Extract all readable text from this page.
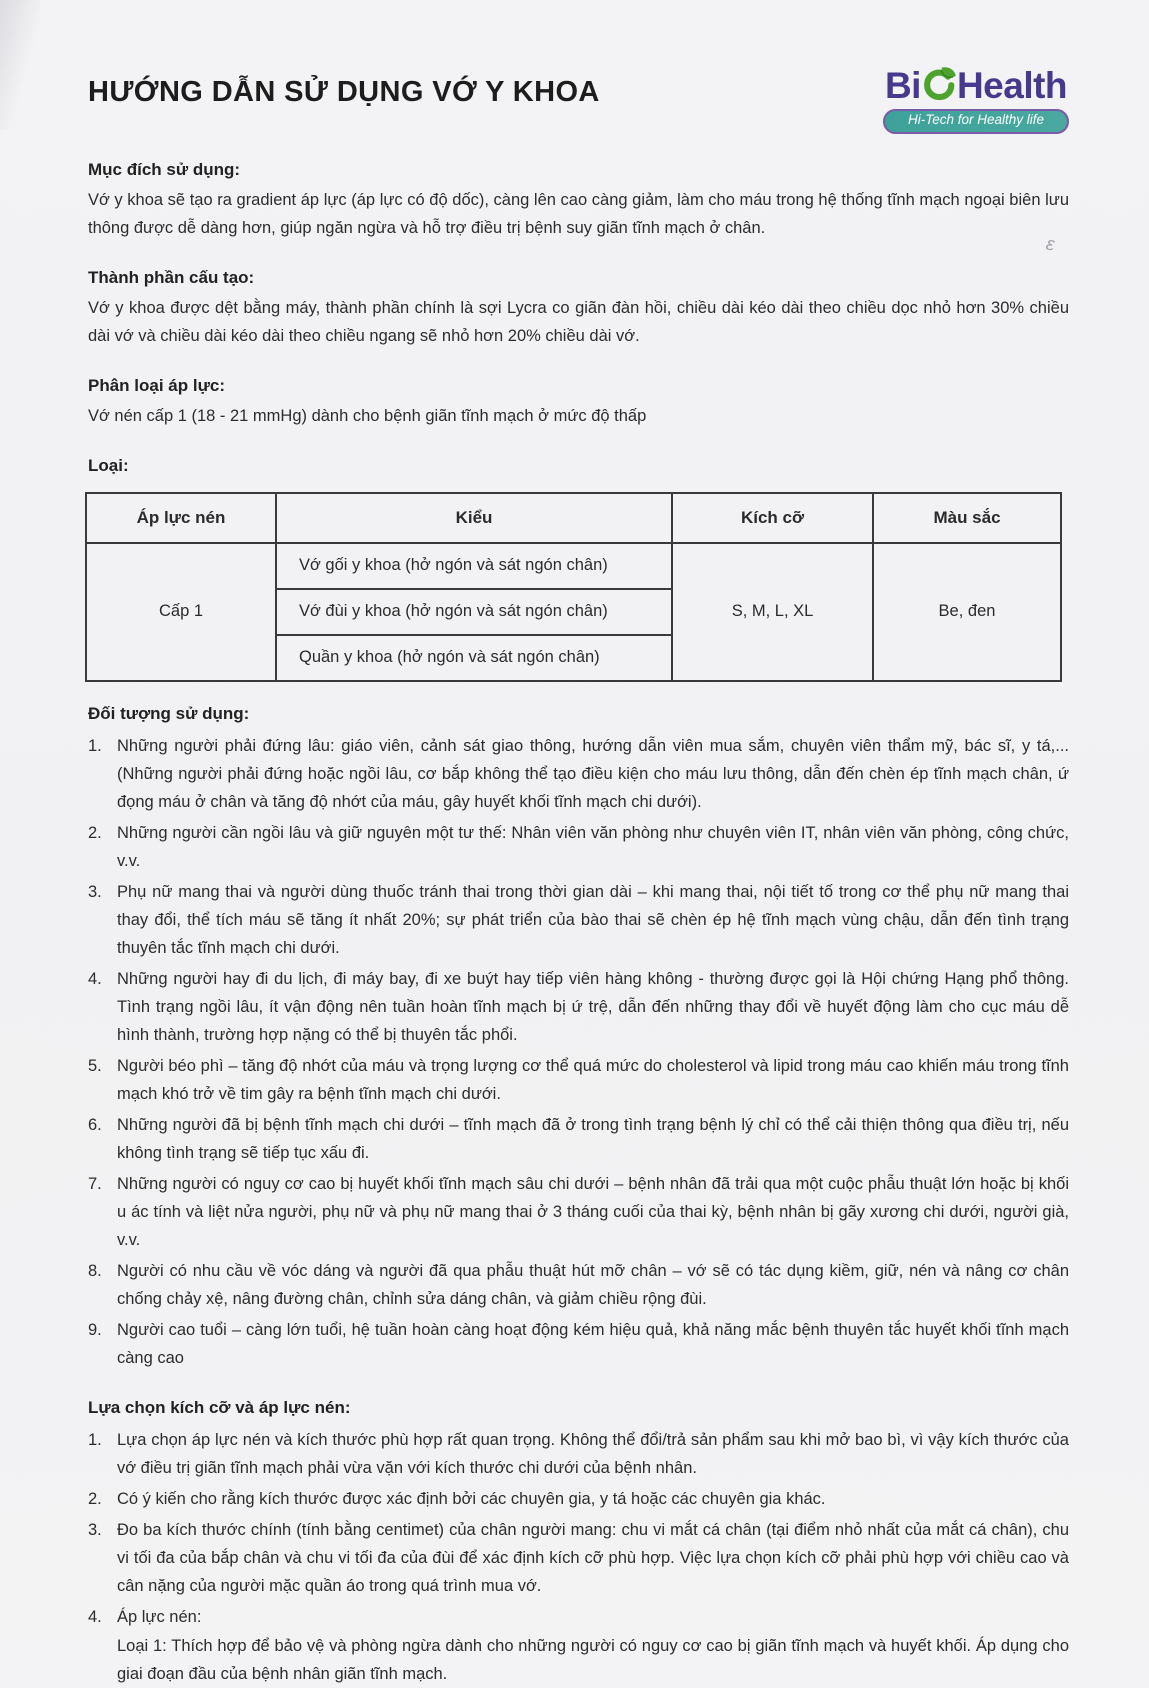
ε
HƯỚNG DẪN SỬ DỤNG VỚ Y KHOA	Bi Health
Hi-Tech for Healthy life
Mục đích sử dụng:

Vớ y khoa sẽ tạo ra gradient áp lực (áp lực có độ dốc), càng lên cao càng giảm, làm cho máu trong hệ thống tĩnh mạch ngoại biên lưu thông được dễ dàng hơn, giúp ngăn ngừa và hỗ trợ điều trị bệnh suy giãn tĩnh mạch ở chân.

Thành phần cấu tạo:

Vớ y khoa được dệt bằng máy, thành phần chính là sợi Lycra co giãn đàn hồi, chiều dài kéo dài theo chiều dọc nhỏ hơn 30% chiều dài vớ và chiều dài kéo dài theo chiều ngang sẽ nhỏ hơn 20% chiều dài vớ.

Phân loại áp lực:

Vớ nén cấp 1 (18 - 21 mmHg) dành cho bệnh giãn tĩnh mạch ở mức độ thấp

Loại:
Áp lực nén	Kiểu	Kích cỡ	Màu sắc
Cấp 1	Vớ gối y khoa (hở ngón và sát ngón chân)	S, M, L, XL	Be, đen
	Vớ đùi y khoa (hở ngón và sát ngón chân)		
	Quần y khoa (hở ngón và sát ngón chân)		
Đối tượng sử dụng:
1. Những người phải đứng lâu: giáo viên, cảnh sát giao thông, hướng dẫn viên mua sắm, chuyên viên thẩm mỹ, bác sĩ, y tá,... (Những người phải đứng hoặc ngồi lâu, cơ bắp không thể tạo điều kiện cho máu lưu thông, dẫn đến chèn ép tĩnh mạch chân, ứ đọng máu ở chân và tăng độ nhớt của máu, gây huyết khối tĩnh mạch chi dưới).
2. Những người cần ngồi lâu và giữ nguyên một tư thế: Nhân viên văn phòng như chuyên viên IT, nhân viên văn phòng, công chức, v.v.
3. Phụ nữ mang thai và người dùng thuốc tránh thai trong thời gian dài – khi mang thai, nội tiết tố trong cơ thể phụ nữ mang thai thay đổi, thể tích máu sẽ tăng ít nhất 20%; sự phát triển của bào thai sẽ chèn ép hệ tĩnh mạch vùng chậu, dẫn đến tình trạng thuyên tắc tĩnh mạch chi dưới.
4. Những người hay đi du lịch, đi máy bay, đi xe buýt hay tiếp viên hàng không - thường được gọi là Hội chứng Hạng phổ thông. Tình trạng ngồi lâu, ít vận động nên tuần hoàn tĩnh mạch bị ứ trệ, dẫn đến những thay đổi về huyết động làm cho cục máu dễ hình thành, trường hợp nặng có thể bị thuyên tắc phổi.
5. Người béo phì – tăng độ nhớt của máu và trọng lượng cơ thể quá mức do cholesterol và lipid trong máu cao khiến máu trong tĩnh mạch khó trở về tim gây ra bệnh tĩnh mạch chi dưới.
6. Những người đã bị bệnh tĩnh mạch chi dưới – tĩnh mạch đã ở trong tình trạng bệnh lý chỉ có thể cải thiện thông qua điều trị, nếu không tình trạng sẽ tiếp tục xấu đi.
7. Những người có nguy cơ cao bị huyết khối tĩnh mạch sâu chi dưới – bệnh nhân đã trải qua một cuộc phẫu thuật lớn hoặc bị khối u ác tính và liệt nửa người, phụ nữ và phụ nữ mang thai ở 3 tháng cuối của thai kỳ, bệnh nhân bị gãy xương chi dưới, người già, v.v.
8. Người có nhu cầu về vóc dáng và người đã qua phẫu thuật hút mỡ chân – vớ sẽ có tác dụng kiềm, giữ, nén và nâng cơ chân chống chảy xệ, nâng đường chân, chỉnh sửa dáng chân, và giảm chiều rộng đùi.
9. Người cao tuổi – càng lớn tuổi, hệ tuần hoàn càng hoạt động kém hiệu quả, khả năng mắc bệnh thuyên tắc huyết khối tĩnh mạch càng cao
Lựa chọn kích cỡ và áp lực nén:
1. Lựa chọn áp lực nén và kích thước phù hợp rất quan trọng. Không thể đổi/trả sản phẩm sau khi mở bao bì, vì vậy kích thước của vớ điều trị giãn tĩnh mạch phải vừa vặn với kích thước chi dưới của bệnh nhân.
2. Có ý kiến cho rằng kích thước được xác định bởi các chuyên gia, y tá hoặc các chuyên gia khác.
3. Đo ba kích thước chính (tính bằng centimet) của chân người mang: chu vi mắt cá chân (tại điểm nhỏ nhất của mắt cá chân), chu vi tối đa của bắp chân và chu vi tối đa của đùi để xác định kích cỡ phù hợp. Việc lựa chọn kích cỡ phải phù hợp với chiều cao và cân nặng của người mặc quần áo trong quá trình mua vớ.
4. Áp lực nén:

Loại 1: Thích hợp để bảo vệ và phòng ngừa dành cho những người có nguy cơ cao bị giãn tĩnh mạch và huyết khối. Áp dụng cho giai đoạn đầu của bệnh nhân giãn tĩnh mạch.
